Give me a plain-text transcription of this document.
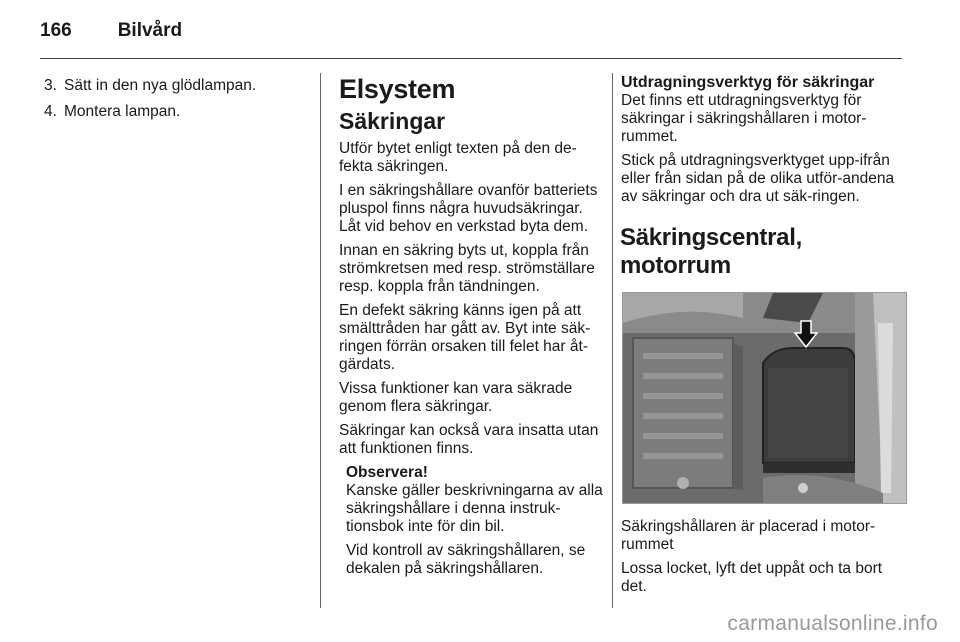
166 Bilvård
3. Sätt in den nya glödlampan.
4. Montera lampan.
Elsystem
Säkringar

Utför bytet enligt texten på den de-fekta säkringen.

I en säkringshållare ovanför batteriets pluspol finns några huvudsäkringar. Låt vid behov en verkstad byta dem.

Innan en säkring byts ut, koppla från strömkretsen med resp. strömställare resp. koppla från tändningen.

En defekt säkring känns igen på att smälttråden har gått av. Byt inte säk-ringen förrän orsaken till felet har åt-gärdats.

Vissa funktioner kan vara säkrade genom flera säkringar.

Säkringar kan också vara insatta utan att funktionen finns.

Observera!

Kanske gäller beskrivningarna av alla säkringshållare i denna instruk-tionsbok inte för din bil.

Vid kontroll av säkringshållaren, se dekalen på säkringshållaren.

Utdragningsverktyg för säkringar

Det finns ett utdragningsverktyg för säkringar i säkringshållaren i motor-rummet.

Stick på utdragningsverktyget upp-ifrån eller från sidan på de olika utför-andena av säkringar och dra ut säk-ringen.

Säkringscentral, motorrum

Säkringshållaren är placerad i motor-rummet

Lossa locket, lyft det uppåt och ta bort det.

carmanualsonline.info
